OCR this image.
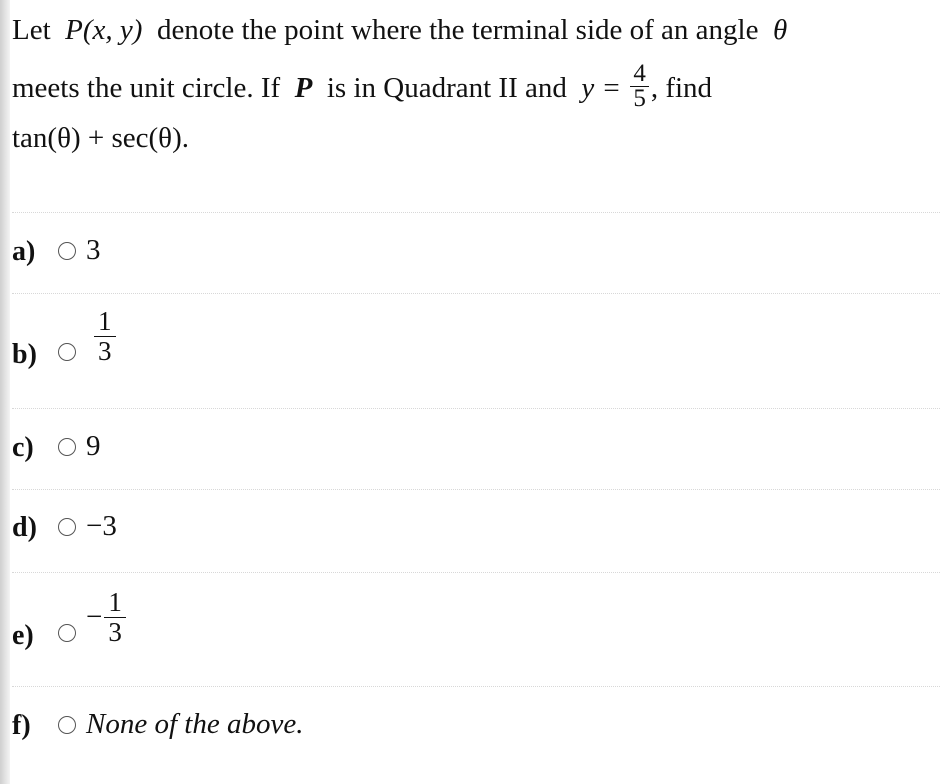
Let P(x, y) denote the point where the terminal side of an angle θ
meets the unit circle. If P is in Quadrant II and $y = \frac{4}{5}$ , find
tan(θ) + sec(θ).
a) 3
$b) \frac{1}{3}$
c) 9
d) −3
e)
− $\frac{1}{3}$
f) None of the above.
